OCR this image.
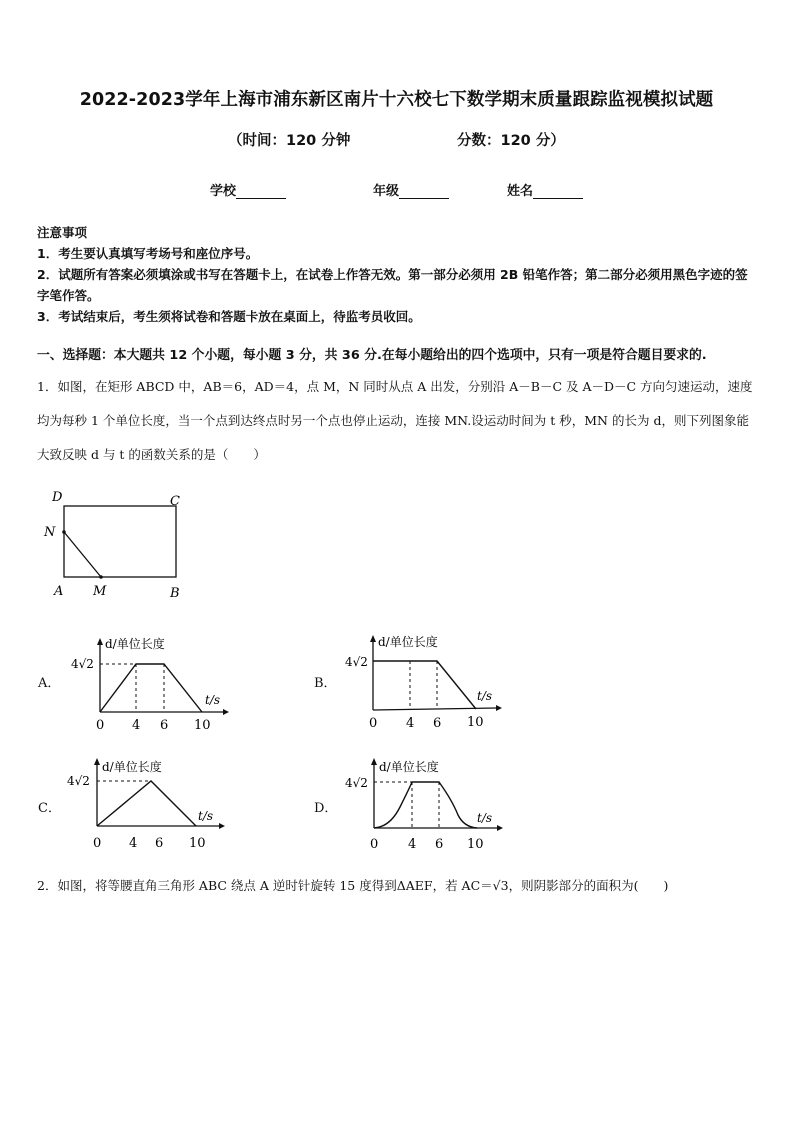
2022-2023学年上海市浦东新区南片十六校七下数学期末质量跟踪监视模拟试题
（时间：120 分钟	分数：120 分）
学校	年级	姓名
注意事项
1．考生要认真填写考场号和座位序号。
2．试题所有答案必须填涂或书写在答题卡上，在试卷上作答无效。第一部分必须用 2B 铅笔作答；第二部分必须用黑色字迹的签字笔作答。
3．考试结束后，考生须将试卷和答题卡放在桌面上，待监考员收回。
一、选择题：本大题共 12 个小题，每小题 3 分，共 36 分.在每小题给出的四个选项中，只有一项是符合题目要求的.
1．如图，在矩形 ABCD 中，AB＝6，AD＝4，点 M，N 同时从点 A 出发，分别沿 A－B－C 及 A－D－C 方向匀速运动，速度均为每秒 1 个单位长度，当一个点到达终点时另一个点也停止运动，连接 MN.设运动时间为 t 秒，MN 的长为 d，则下列图象能大致反映 d 与 t 的函数关系的是（　　）
D	C
N
A M	B
A．	B．
C．	D．
d/单位长度
4√2
t/s
0 4 6 10
d/单位长度
4√2
t/s
0 4 6 10
d/单位长度
4√2
t/s
0 4 6 10
d/单位长度
4√2
t/s
0 4 6 10
2．如图，将等腰直角三角形 ABC 绕点 A 逆时针旋转 15 度得到ΔAEF，若 AC＝√3，则阴影部分的面积为(　　)
